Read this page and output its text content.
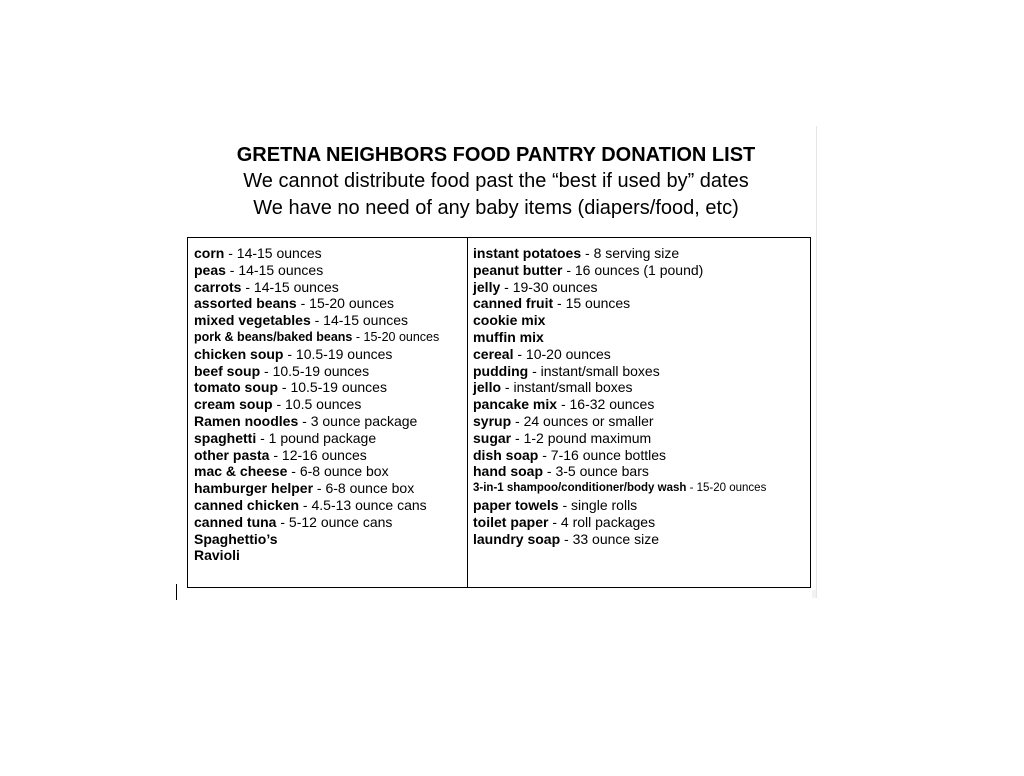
GRETNA NEIGHBORS FOOD PANTRY DONATION LIST
We cannot distribute food past the “best if used by” dates
We have no need of any baby items (diapers/food, etc)
corn - 14-15 ounces
peas - 14-15 ounces
carrots - 14-15 ounces
assorted beans - 15-20 ounces
mixed vegetables - 14-15 ounces
pork & beans/baked beans - 15-20 ounces
chicken soup - 10.5-19 ounces
beef soup - 10.5-19 ounces
tomato soup - 10.5-19 ounces
cream soup - 10.5 ounces
Ramen noodles - 3 ounce package
spaghetti - 1 pound package
other pasta - 12-16 ounces
mac & cheese - 6-8 ounce box
hamburger helper - 6-8 ounce box
canned chicken - 4.5-13 ounce cans
canned tuna - 5-12 ounce cans
Spaghettio’s
Ravioli
instant potatoes - 8 serving size
peanut butter - 16 ounces (1 pound)
jelly - 19-30 ounces
canned fruit - 15 ounces
cookie mix
muffin mix
cereal - 10-20 ounces
pudding - instant/small boxes
jello - instant/small boxes
pancake mix - 16-32 ounces
syrup - 24 ounces or smaller
sugar - 1-2 pound maximum
dish soap - 7-16 ounce bottles
hand soap - 3-5 ounce bars
3-in-1 shampoo/conditioner/body wash - 15-20 ounces
paper towels - single rolls
toilet paper - 4 roll packages
laundry soap - 33 ounce size
